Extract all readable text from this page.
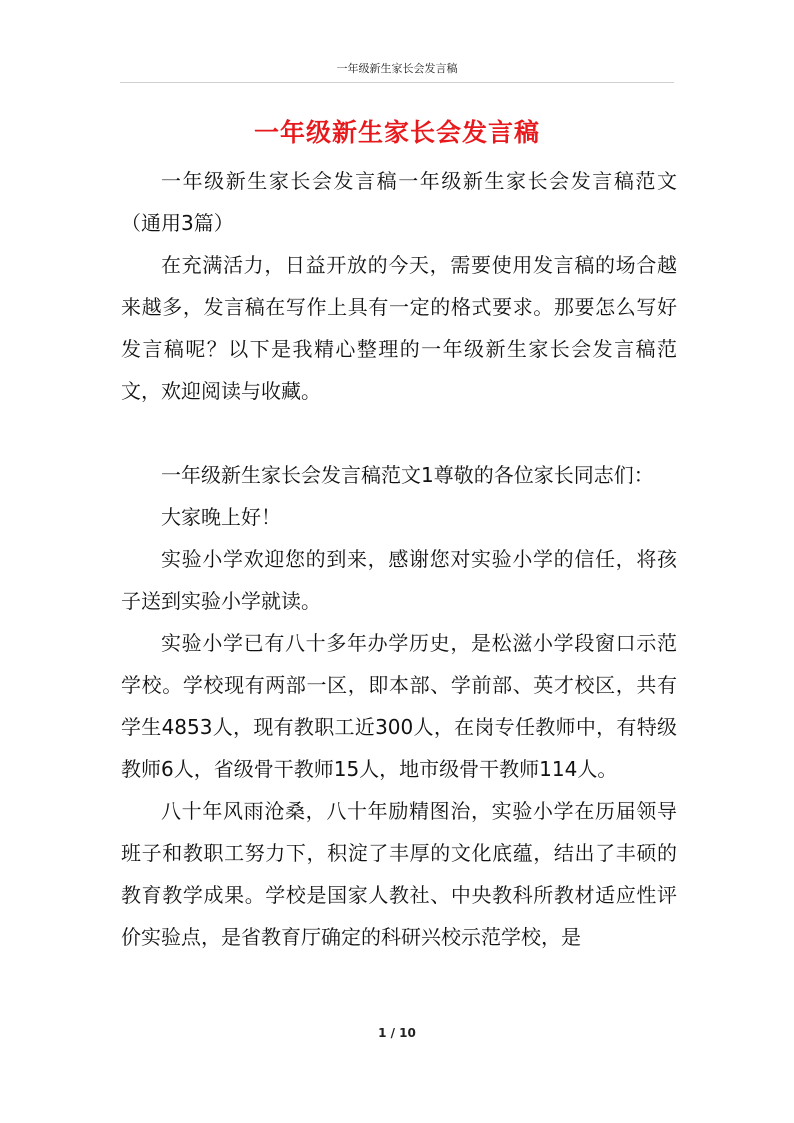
一年级新生家长会发言稿
一年级新生家长会发言稿

一年级新生家长会发言稿一年级新生家长会发言稿范文（通用3篇）

在充满活力，日益开放的今天，需要使用发言稿的场合越来越多，发言稿在写作上具有一定的格式要求。那要怎么写好发言稿呢？以下是我精心整理的一年级新生家长会发言稿范文，欢迎阅读与收藏。

一年级新生家长会发言稿范文1尊敬的各位家长同志们：

大家晚上好！

实验小学欢迎您的到来，感谢您对实验小学的信任，将孩子送到实验小学就读。

实验小学已有八十多年办学历史，是松滋小学段窗口示范学校。学校现有两部一区，即本部、学前部、英才校区，共有学生4853人，现有教职工近300人，在岗专任教师中，有特级教师6人，省级骨干教师15人，地市级骨干教师114人。

八十年风雨沧桑，八十年励精图治，实验小学在历届领导班子和教职工努力下，积淀了丰厚的文化底蕴，结出了丰硕的教育教学成果。学校是国家人教社、中央教科所教材适应性评价实验点，是省教育厅确定的科研兴校示范学校，是

1 / 10
